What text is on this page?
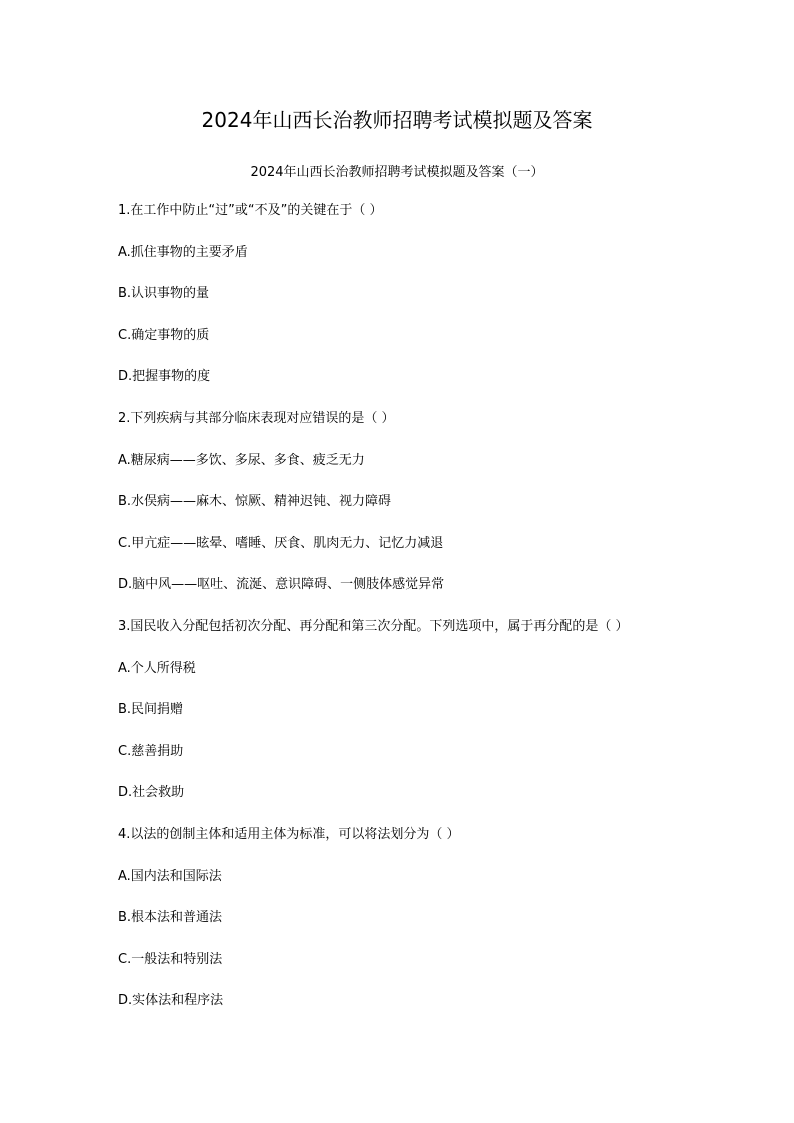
2024年山西长治教师招聘考试模拟题及答案
2024年山西长治教师招聘考试模拟题及答案（一）
1.在工作中防止“过”或“不及”的关键在于（ ）
A.抓住事物的主要矛盾
B.认识事物的量
C.确定事物的质
D.把握事物的度
2.下列疾病与其部分临床表现对应错误的是（ ）
A.糖尿病——多饮、多尿、多食、疲乏无力
B.水俣病——麻木、惊厥、精神迟钝、视力障碍
C.甲亢症——眩晕、嗜睡、厌食、肌肉无力、记忆力减退
D.脑中风——呕吐、流涎、意识障碍、一侧肢体感觉异常
3.国民收入分配包括初次分配、再分配和第三次分配。下列选项中，属于再分配的是（ ）
A.个人所得税
B.民间捐赠
C.慈善捐助
D.社会救助
4.以法的创制主体和适用主体为标准，可以将法划分为（ ）
A.国内法和国际法
B.根本法和普通法
C.一般法和特别法
D.实体法和程序法
